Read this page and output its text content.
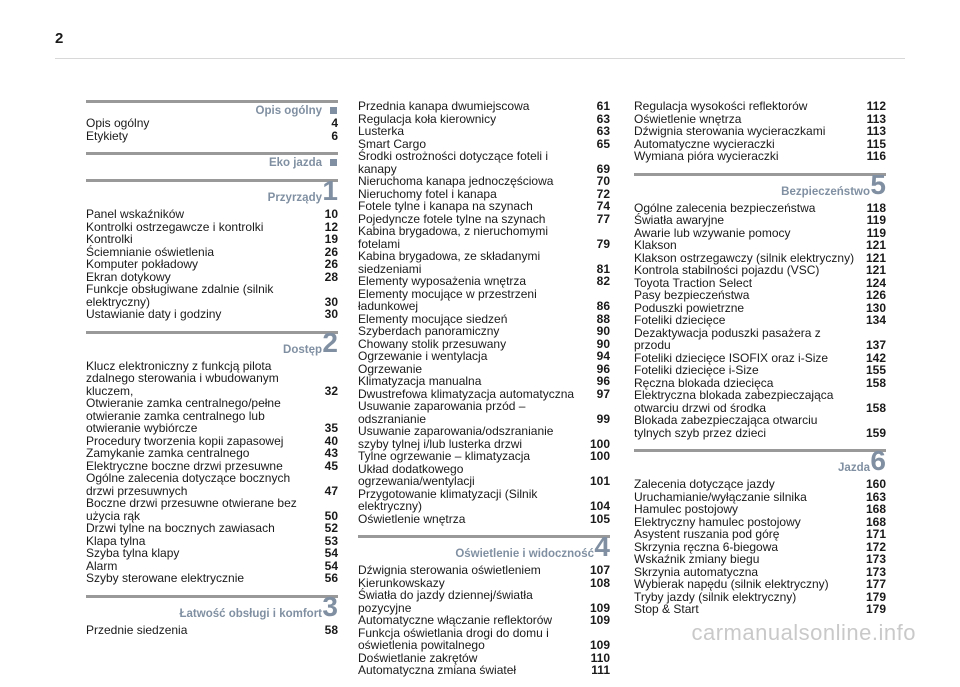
2
Opis ogólny
Opis ogólny	4
Etykiety	6
Eko jazda
Przyrządy 1
Panel wskaźników	10
Kontrolki ostrzegawcze i kontrolki	12
Kontrolki	19
Ściemnianie oświetlenia	26
Komputer pokładowy	26
Ekran dotykowy	28
Funkcje obsługiwane zdalnie (silnik elektryczny)	30
Ustawianie daty i godziny	30
Dostęp 2
Klucz elektroniczny z funkcją pilota zdalnego sterowania i wbudowanym kluczem,	32
Otwieranie zamka centralnego/pełne otwieranie zamka centralnego lub otwieranie wybiórcze	35
Procedury tworzenia kopii zapasowej	40
Zamykanie zamka centralnego	43
Elektryczne boczne drzwi przesuwne	45
Ogólne zalecenia dotyczące bocznych drzwi przesuwnych	47
Boczne drzwi przesuwne otwierane bez użycia rąk	50
Drzwi tylne na bocznych zawiasach	52
Klapa tylna	53
Szyba tylna klapy	54
Alarm	54
Szyby sterowane elektrycznie	56
Łatwość obsługi i komfort 3
Przednie siedzenia	58
Przednia kanapa dwumiejscowa	61
Regulacja koła kierownicy	63
Lusterka	63
Smart Cargo	65
Środki ostrożności dotyczące foteli i kanapy	69
Nieruchoma kanapa jednoczęściowa	70
Nieruchomy fotel i kanapa	72
Fotele tylne i kanapa na szynach	74
Pojedyncze fotele tylne na szynach	77
Kabina brygadowa, z nieruchomymi fotelami	79
Kabina brygadowa, ze składanymi siedzeniami	81
Elementy wyposażenia wnętrza	82
Elementy mocujące w przestrzeni ładunkowej	86
Elementy mocujące siedzeń	88
Szyberdach panoramiczny	90
Chowany stolik przesuwany	90
Ogrzewanie i wentylacja	94
Ogrzewanie	96
Klimatyzacja manualna	96
Dwustrefowa klimatyzacja automatyczna	97
Usuwanie zaparowania przód – odszranianie	99
Usuwanie zaparowania/odszranianie szyby tylnej i/lub lusterka drzwi	100
Tylne ogrzewanie – klimatyzacja	100
Układ dodatkowego ogrzewania/wentylacji	101
Przygotowanie klimatyzacji (Silnik elektryczny)	104
Oświetlenie wnętrza	105
Oświetlenie i widoczność 4
Dźwignia sterowania oświetleniem	107
Kierunkowskazy	108
Światła do jazdy dziennej/światła pozycyjne	109
Automatyczne włączanie reflektorów	109
Funkcja oświetlania drogi do domu i oświetlenia powitalnego	109
Doświetlanie zakrętów	110
Automatyczna zmiana świateł	111
Regulacja wysokości reflektorów	112
Oświetlenie wnętrza	113
Dźwignia sterowania wycieraczkami	113
Automatyczne wycieraczki	115
Wymiana pióra wycieraczki	116
Bezpieczeństwo 5
Ogólne zalecenia bezpieczeństwa	118
Światła awaryjne	119
Awarie lub wzywanie pomocy	119
Klakson	121
Klakson ostrzegawczy (silnik elektryczny) 121
Kontrola stabilności pojazdu (VSC)	121
Toyota Traction Select	124
Pasy bezpieczeństwa	126
Poduszki powietrzne	130
Foteliki dziecięce	134
Dezaktywacja poduszki pasażera z przodu	137
Foteliki dziecięce ISOFIX oraz i-Size	142
Foteliki dziecięce i-Size	155
Ręczna blokada dziecięca	158
Elektryczna blokada zabezpieczająca otwarciu drzwi od środka	158
Blokada zabezpieczająca otwarciu tylnych szyb przez dzieci	159
Jazda 6
Zalecenia dotyczące jazdy	160
Uruchamianie/wyłączanie silnika	163
Hamulec postojowy	168
Elektryczny hamulec postojowy	168
Asystent ruszania pod górę	171
Skrzynia ręczna 6-biegowa	172
Wskaźnik zmiany biegu	173
Skrzynia automatyczna	173
Wybierak napędu (silnik elektryczny)	177
Tryby jazdy (silnik elektryczny)	179
Stop & Start	179
carmanualsonline.info
